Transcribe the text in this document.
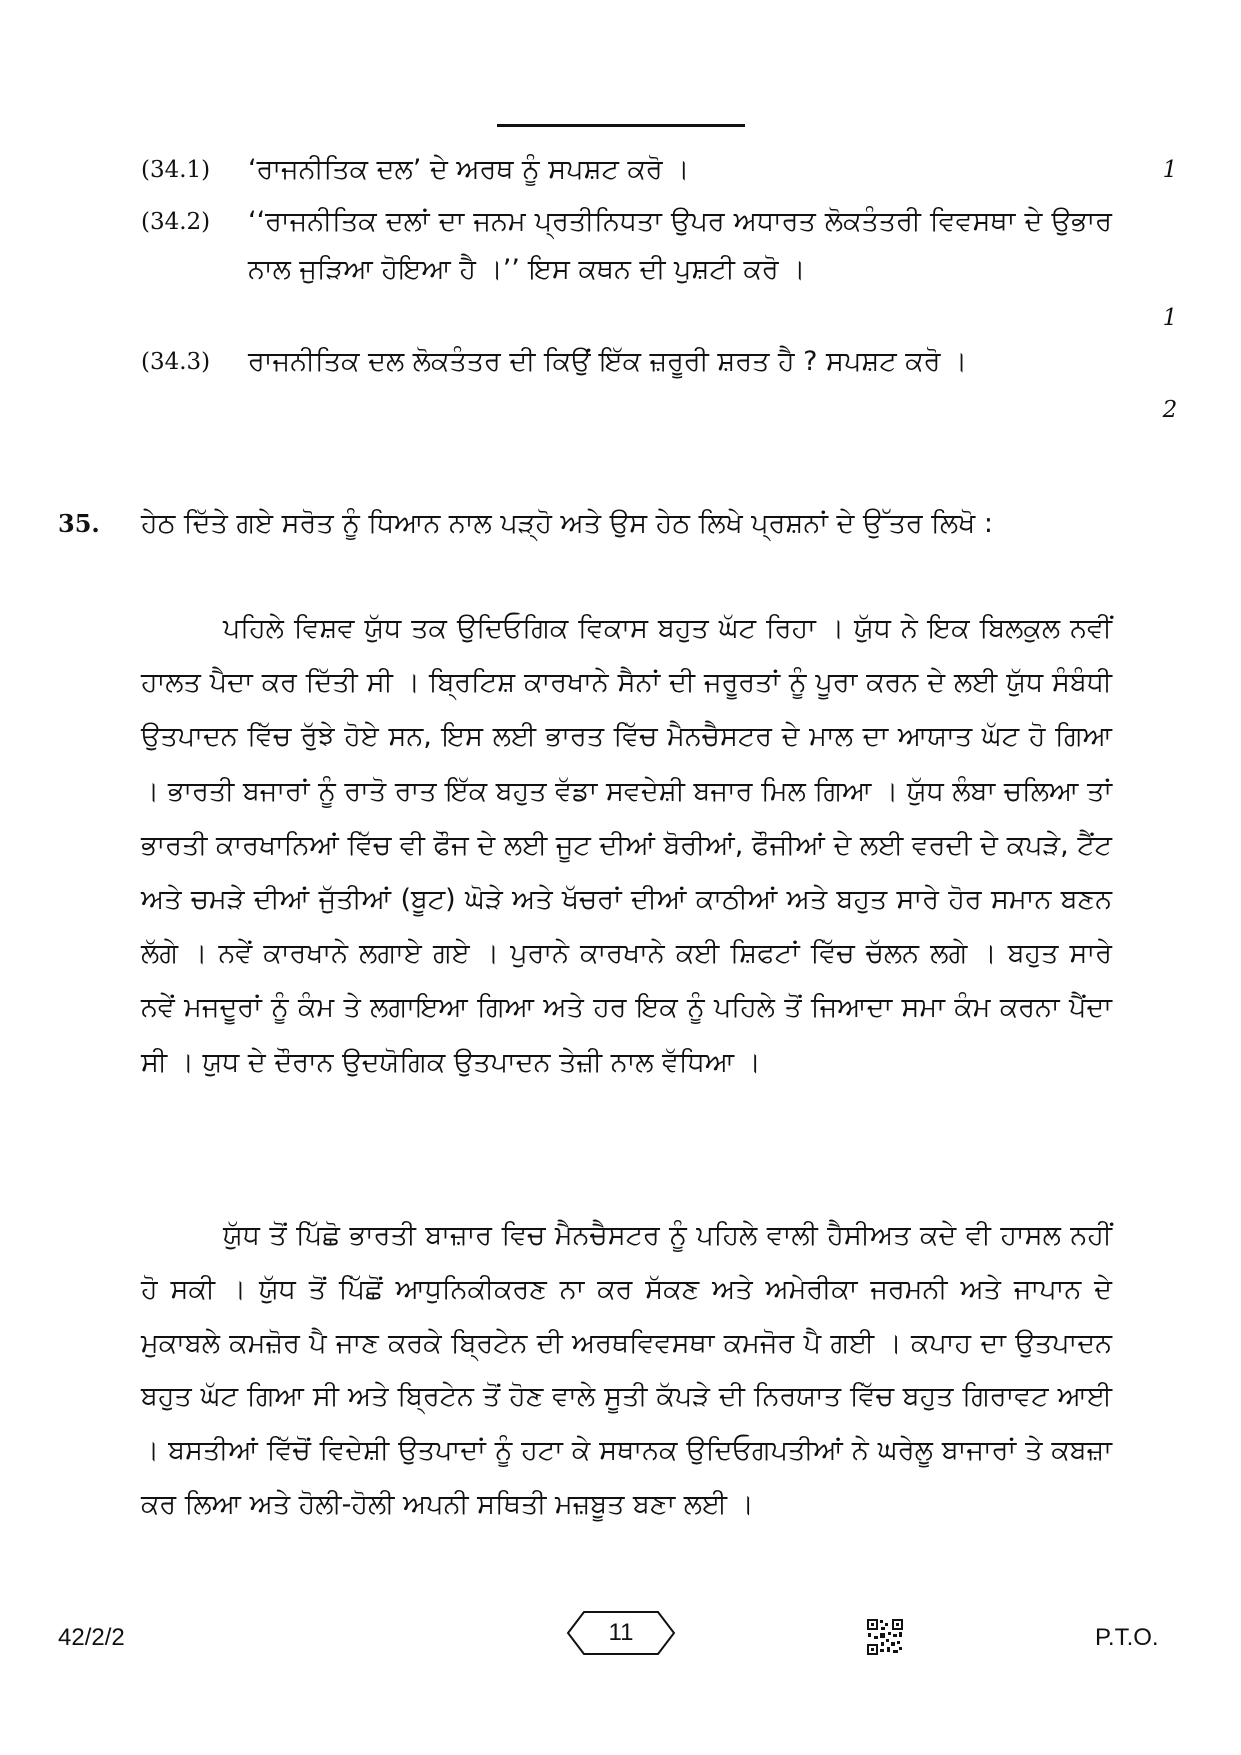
(34.1) ‘ਰਾਜਨੀਤਿਕ ਦਲ’ ਦੇ ਅਰਥ ਨੂੰ ਸਪਸ਼ਟ ਕਰੋ ।	1
(34.2) ‘‘ਰਾਜਨੀਤਿਕ ਦਲਾਂ ਦਾ ਜਨਮ ਪ੍ਰਤੀਨਿਧਤਾ ਉਪਰ ਅਧਾਰਤ ਲੋਕਤੰਤਰੀ ਵਿਵਸਥਾ ਦੇ ਉਭਾਰ ਨਾਲ ਜੁੜਿਆ ਹੋਇਆ ਹੈ ।’’ ਇਸ ਕਥਨ ਦੀ ਪੁਸ਼ਟੀ ਕਰੋ ।
1
(34.3) ਰਾਜਨੀਤਿਕ ਦਲ ਲੋਕਤੰਤਰ ਦੀ ਕਿਉਂ ਇੱਕ ਜ਼ਰੂਰੀ ਸ਼ਰਤ ਹੈ ? ਸਪਸ਼ਟ ਕਰੋ ।
2
35. ਹੇਠ ਦਿੱਤੇ ਗਏ ਸਰੋਤ ਨੂੰ ਧਿਆਨ ਨਾਲ ਪੜ੍ਹੋ ਅਤੇ ਉਸ ਹੇਠ ਲਿਖੇ ਪ੍ਰਸ਼ਨਾਂ ਦੇ ਉੱਤਰ ਲਿਖੋ :

ਪਹਿਲੇ ਵਿਸ਼ਵ ਯੁੱਧ ਤਕ ਉਦਿਓਗਿਕ ਵਿਕਾਸ ਬਹੁਤ ਘੱਟ ਰਿਹਾ । ਯੁੱਧ ਨੇ ਇਕ ਬਿਲਕੁਲ ਨਵੀਂ ਹਾਲਤ ਪੈਦਾ ਕਰ ਦਿੱਤੀ ਸੀ । ਬ੍ਰਿਟਿਸ਼ ਕਾਰਖਾਨੇ ਸੈਨਾਂ ਦੀ ਜਰੂਰਤਾਂ ਨੂੰ ਪੂਰਾ ਕਰਨ ਦੇ ਲਈ ਯੁੱਧ ਸੰਬੰਧੀ ਉਤਪਾਦਨ ਵਿੱਚ ਰੁੱਝੇ ਹੋਏ ਸਨ, ਇਸ ਲਈ ਭਾਰਤ ਵਿੱਚ ਮੈਨਚੈਸਟਰ ਦੇ ਮਾਲ ਦਾ ਆਯਾਤ ਘੱਟ ਹੋ ਗਿਆ । ਭਾਰਤੀ ਬਜਾਰਾਂ ਨੂੰ ਰਾਤੋ ਰਾਤ ਇੱਕ ਬਹੁਤ ਵੱਡਾ ਸਵਦੇਸ਼ੀ ਬਜਾਰ ਮਿਲ ਗਿਆ । ਯੁੱਧ ਲੰਬਾ ਚਲਿਆ ਤਾਂ ਭਾਰਤੀ ਕਾਰਖਾਨਿਆਂ ਵਿੱਚ ਵੀ ਫੌਜ ਦੇ ਲਈ ਜੂਟ ਦੀਆਂ ਬੋਰੀਆਂ, ਫੌਜੀਆਂ ਦੇ ਲਈ ਵਰਦੀ ਦੇ ਕਪੜੇ, ਟੈਂਟ ਅਤੇ ਚਮੜੇ ਦੀਆਂ ਜੁੱਤੀਆਂ (ਬੂਟ) ਘੋੜੇ ਅਤੇ ਖੱਚਰਾਂ ਦੀਆਂ ਕਾਠੀਆਂ ਅਤੇ ਬਹੁਤ ਸਾਰੇ ਹੋਰ ਸਮਾਨ ਬਣਨ ਲੱਗੇ । ਨਵੇਂ ਕਾਰਖਾਨੇ ਲਗਾਏ ਗਏ । ਪੁਰਾਨੇ ਕਾਰਖਾਨੇ ਕਈ ਸ਼ਿਫਟਾਂ ਵਿੱਚ ਚੱਲਨ ਲਗੇ । ਬਹੁਤ ਸਾਰੇ ਨਵੇਂ ਮਜਦੂਰਾਂ ਨੂੰ ਕੰਮ ਤੇ ਲਗਾਇਆ ਗਿਆ ਅਤੇ ਹਰ ਇਕ ਨੂੰ ਪਹਿਲੇ ਤੋਂ ਜਿਆਦਾ ਸਮਾ ਕੰਮ ਕਰਨਾ ਪੈਂਦਾ ਸੀ । ਯੁਧ ਦੇ ਦੌਰਾਨ ਉਦਯੋਗਿਕ ਉਤਪਾਦਨ ਤੇਜ਼ੀ ਨਾਲ ਵੱਧਿਆ ।

ਯੁੱਧ ਤੋਂ ਪਿੱਛੋ ਭਾਰਤੀ ਬਾਜ਼ਾਰ ਵਿਚ ਮੈਨਚੈਸਟਰ ਨੂੰ ਪਹਿਲੇ ਵਾਲੀ ਹੈਸੀਅਤ ਕਦੇ ਵੀ ਹਾਸਲ ਨਹੀਂ ਹੋ ਸਕੀ । ਯੁੱਧ ਤੋਂ ਪਿੱਛੋਂ ਆਧੁਨਿਕੀਕਰਣ ਨਾ ਕਰ ਸੱਕਣ ਅਤੇ ਅਮੇਰੀਕਾ ਜਰਮਨੀ ਅਤੇ ਜਾਪਾਨ ਦੇ ਮੁਕਾਬਲੇ ਕਮਜ਼ੋਰ ਪੈ ਜਾਣ ਕਰਕੇ ਬ੍ਰਿਟੇਨ ਦੀ ਅਰਥਵਿਵਸਥਾ ਕਮਜੋਰ ਪੈ ਗਈ । ਕਪਾਹ ਦਾ ਉਤਪਾਦਨ ਬਹੁਤ ਘੱਟ ਗਿਆ ਸੀ ਅਤੇ ਬ੍ਰਿਟੇਨ ਤੋਂ ਹੋਣ ਵਾਲੇ ਸੂਤੀ ਕੱਪੜੇ ਦੀ ਨਿਰਯਾਤ ਵਿੱਚ ਬਹੁਤ ਗਿਰਾਵਟ ਆਈ । ਬਸਤੀਆਂ ਵਿੱਚੋਂ ਵਿਦੇਸ਼ੀ ਉਤਪਾਦਾਂ ਨੂੰ ਹਟਾ ਕੇ ਸਥਾਨਕ ਉਦਿਓਗਪਤੀਆਂ ਨੇ ਘਰੇਲੂ ਬਾਜਾਰਾਂ ਤੇ ਕਬਜ਼ਾ ਕਰ ਲਿਆ ਅਤੇ ਹੋਲੀ-ਹੋਲੀ ਅਪਨੀ ਸਥਿਤੀ ਮਜ਼ਬੂਤ ਬਣਾ ਲਈ ।

42/2/2	11	P.T.O.
